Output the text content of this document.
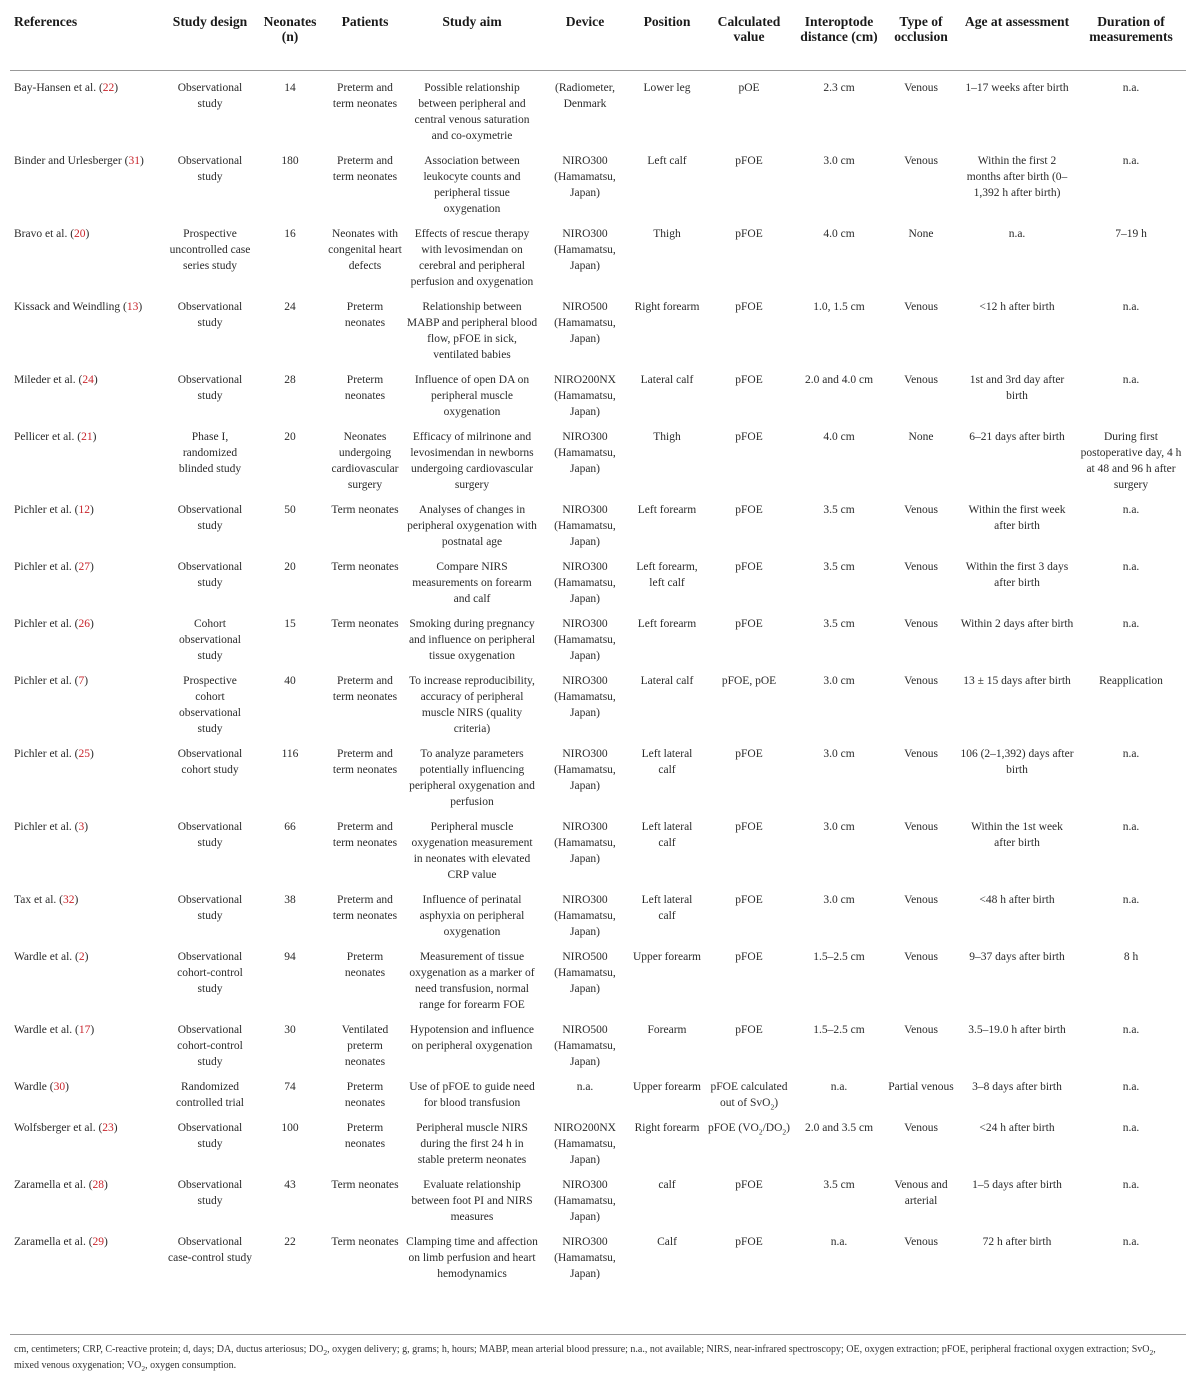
References	Study design	Neonates (n)	Patients	Study aim	Device	Position	Calculated value	Interoptode distance (cm)	Type of occlusion	Age at assessment	Duration of measurements
Bay-Hansen et al. (22)	Observational study	14	Preterm and term neonates	Possible relationship between peripheral and central venous saturation and co-oxymetrie	(Radiometer, Denmark	Lower leg	pOE	2.3 cm	Venous	1–17 weeks after birth	n.a.
Binder and Urlesberger (31)	Observational study	180	Preterm and term neonates	Association between leukocyte counts and peripheral tissue oxygenation	NIRO300 (Hamamatsu, Japan)	Left calf	pFOE	3.0 cm	Venous	Within the first 2 months after birth (0–1,392 h after birth)	n.a.
Bravo et al. (20)	Prospective uncontrolled case series study	16	Neonates with congenital heart defects	Effects of rescue therapy with levosimendan on cerebral and peripheral perfusion and oxygenation	NIRO300 (Hamamatsu, Japan)	Thigh	pFOE	4.0 cm	None	n.a.	7–19 h
Kissack and Weindling (13)	Observational study	24	Preterm neonates	Relationship between MABP and peripheral blood flow, pFOE in sick, ventilated babies	NIRO500 (Hamamatsu, Japan)	Right forearm	pFOE	1.0, 1.5 cm	Venous	<12 h after birth	n.a.
Mileder et al. (24)	Observational study	28	Preterm neonates	Influence of open DA on peripheral muscle oxygenation	NIRO200NX (Hamamatsu, Japan)	Lateral calf	pFOE	2.0 and 4.0 cm	Venous	1st and 3rd day after birth	n.a.
Pellicer et al. (21)	Phase I, randomized blinded study	20	Neonates undergoing cardiovascular surgery	Efficacy of milrinone and levosimendan in newborns undergoing cardiovascular surgery	NIRO300 (Hamamatsu, Japan)	Thigh	pFOE	4.0 cm	None	6–21 days after birth	During first postoperative day, 4 h at 48 and 96 h after surgery
Pichler et al. (12)	Observational study	50	Term neonates	Analyses of changes in peripheral oxygenation with postnatal age	NIRO300 (Hamamatsu, Japan)	Left forearm	pFOE	3.5 cm	Venous	Within the first week after birth	n.a.
Pichler et al. (27)	Observational study	20	Term neonates	Compare NIRS measurements on forearm and calf	NIRO300 (Hamamatsu, Japan)	Left forearm, left calf	pFOE	3.5 cm	Venous	Within the first 3 days after birth	n.a.
Pichler et al. (26)	Cohort observational study	15	Term neonates	Smoking during pregnancy and influence on peripheral tissue oxygenation	NIRO300 (Hamamatsu, Japan)	Left forearm	pFOE	3.5 cm	Venous	Within 2 days after birth	n.a.
Pichler et al. (7)	Prospective cohort observational study	40	Preterm and term neonates	To increase reproducibility, accuracy of peripheral muscle NIRS (quality criteria)	NIRO300 (Hamamatsu, Japan)	Lateral calf	pFOE, pOE	3.0 cm	Venous	13 ± 15 days after birth	Reapplication
Pichler et al. (25)	Observational cohort study	116	Preterm and term neonates	To analyze parameters potentially influencing peripheral oxygenation and perfusion	NIRO300 (Hamamatsu, Japan)	Left lateral calf	pFOE	3.0 cm	Venous	106 (2–1,392) days after birth	n.a.
Pichler et al. (3)	Observational study	66	Preterm and term neonates	Peripheral muscle oxygenation measurement in neonates with elevated CRP value	NIRO300 (Hamamatsu, Japan)	Left lateral calf	pFOE	3.0 cm	Venous	Within the 1st week after birth	n.a.
Tax et al. (32)	Observational study	38	Preterm and term neonates	Influence of perinatal asphyxia on peripheral oxygenation	NIRO300 (Hamamatsu, Japan)	Left lateral calf	pFOE	3.0 cm	Venous	<48 h after birth	n.a.
Wardle et al. (2)	Observational cohort-control study	94	Preterm neonates	Measurement of tissue oxygenation as a marker of need transfusion, normal range for forearm FOE	NIRO500 (Hamamatsu, Japan)	Upper forearm	pFOE	1.5–2.5 cm	Venous	9–37 days after birth	8 h
Wardle et al. (17)	Observational cohort-control study	30	Ventilated preterm neonates	Hypotension and influence on peripheral oxygenation	NIRO500 (Hamamatsu, Japan)	Forearm	pFOE	1.5–2.5 cm	Venous	3.5–19.0 h after birth	n.a.
Wardle (30)	Randomized controlled trial	74	Preterm neonates	Use of pFOE to guide need for blood transfusion	n.a.	Upper forearm	pFOE calculated out of SvO$_2$)	n.a.	Partial venous	3–8 days after birth	n.a.
Wolfsberger et al. (23)	Observational study	100	Preterm neonates	Peripheral muscle NIRS during the first 24 h in stable preterm neonates	NIRO200NX (Hamamatsu, Japan)	Right forearm	pFOE $(VO_2/DO_2)$	2.0 and 3.5 cm	Venous	<24 h after birth	n.a.
Zaramella et al. (28)	Observational study	43	Term neonates	Evaluate relationship between foot PI and NIRS measures	NIRO300 (Hamamatsu, Japan)	calf	pFOE	3.5 cm	Venous and arterial	1–5 days after birth	n.a.
Zaramella et al. (29)	Observational case-control study	22	Term neonates	Clamping time and affection on limb perfusion and heart hemodynamics	NIRO300 (Hamamatsu, Japan)	Calf	pFOE	n.a.	Venous	72 h after birth	n.a.
cm, centimeters; CRP, C-reactive protein; d, days; DA, ductus arteriosus; $DO_2$, oxygen delivery; g, grams; h, hours; MABP, mean arterial blood pressure; n.a., not available; NIRS, near-infrared spectroscopy; OE, oxygen extraction; pFOE, peripheral fractional oxygen extraction; SvO$_2$, mixed venous oxygenation; $VO_2$, oxygen consumption.
